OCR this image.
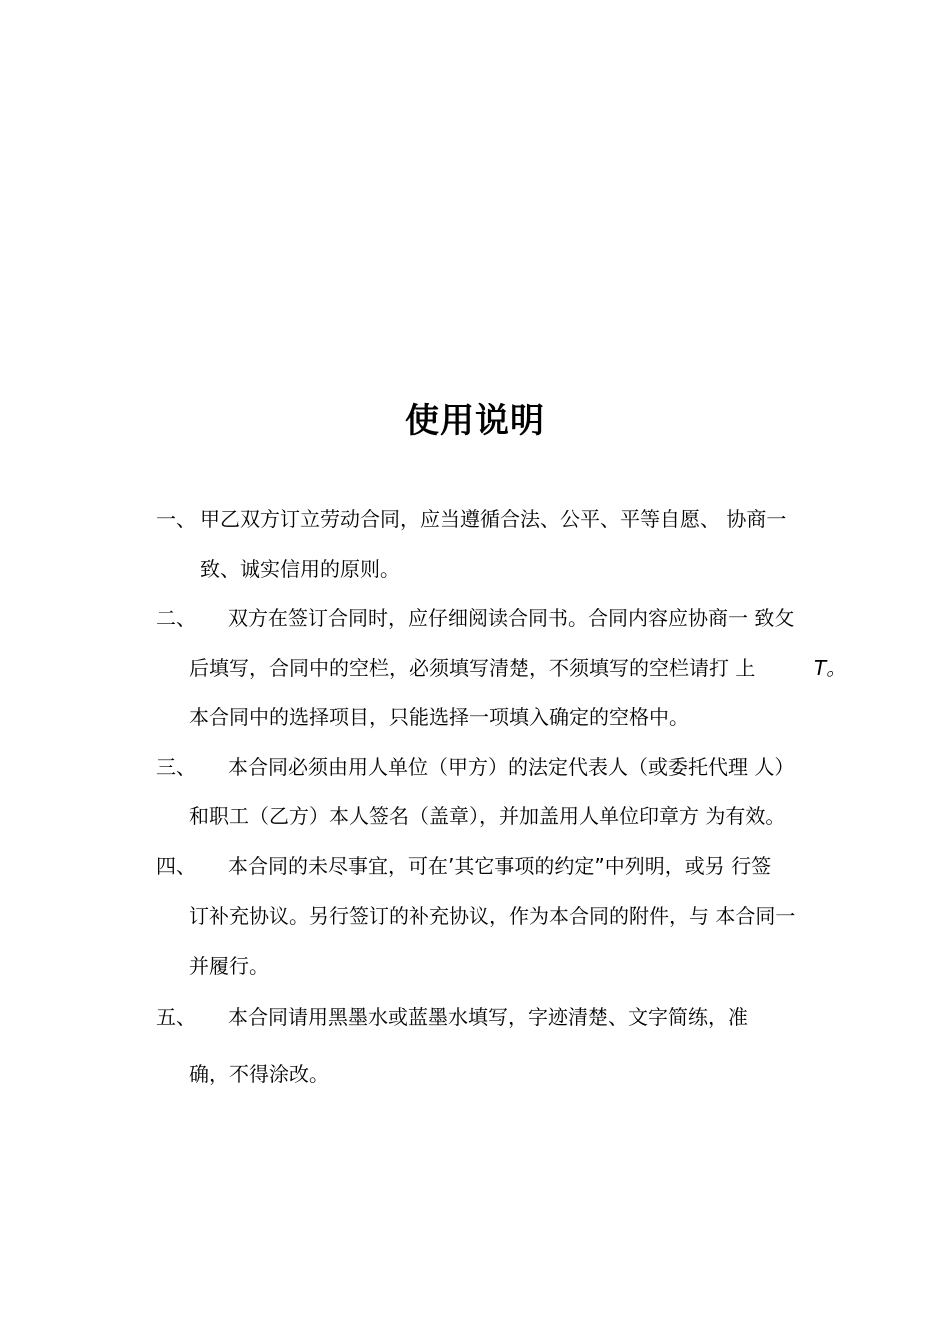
使用说明
一、 甲乙双方订立劳动合同，应当遵循合法、公平、平等自愿、 协商一
致、诚实信用的原则。
二、 双方在签订合同时，应仔细阅读合同书。合同内容应协商一 致攵
后填写，合同中的空栏，必须填写清楚，不须填写的空栏请打 上	T。
本合同中的选择项目，只能选择一项填入确定的空格中。
三、 本合同必须由用人单位（甲方）的法定代表人（或委托代理 人）
和职工（乙方）本人签名（盖章），并加盖用人单位印章方 为有效。
四、 本合同的未尽事宜，可在’其它事项的约定”中列明，或另 行签
订补充协议。另行签订的补充协议，作为本合同的附件，与 本合同一
并履行。
五、 本合同请用黑墨水或蓝墨水填写，字迹清楚、文字简练，准
确，不得涂改。
